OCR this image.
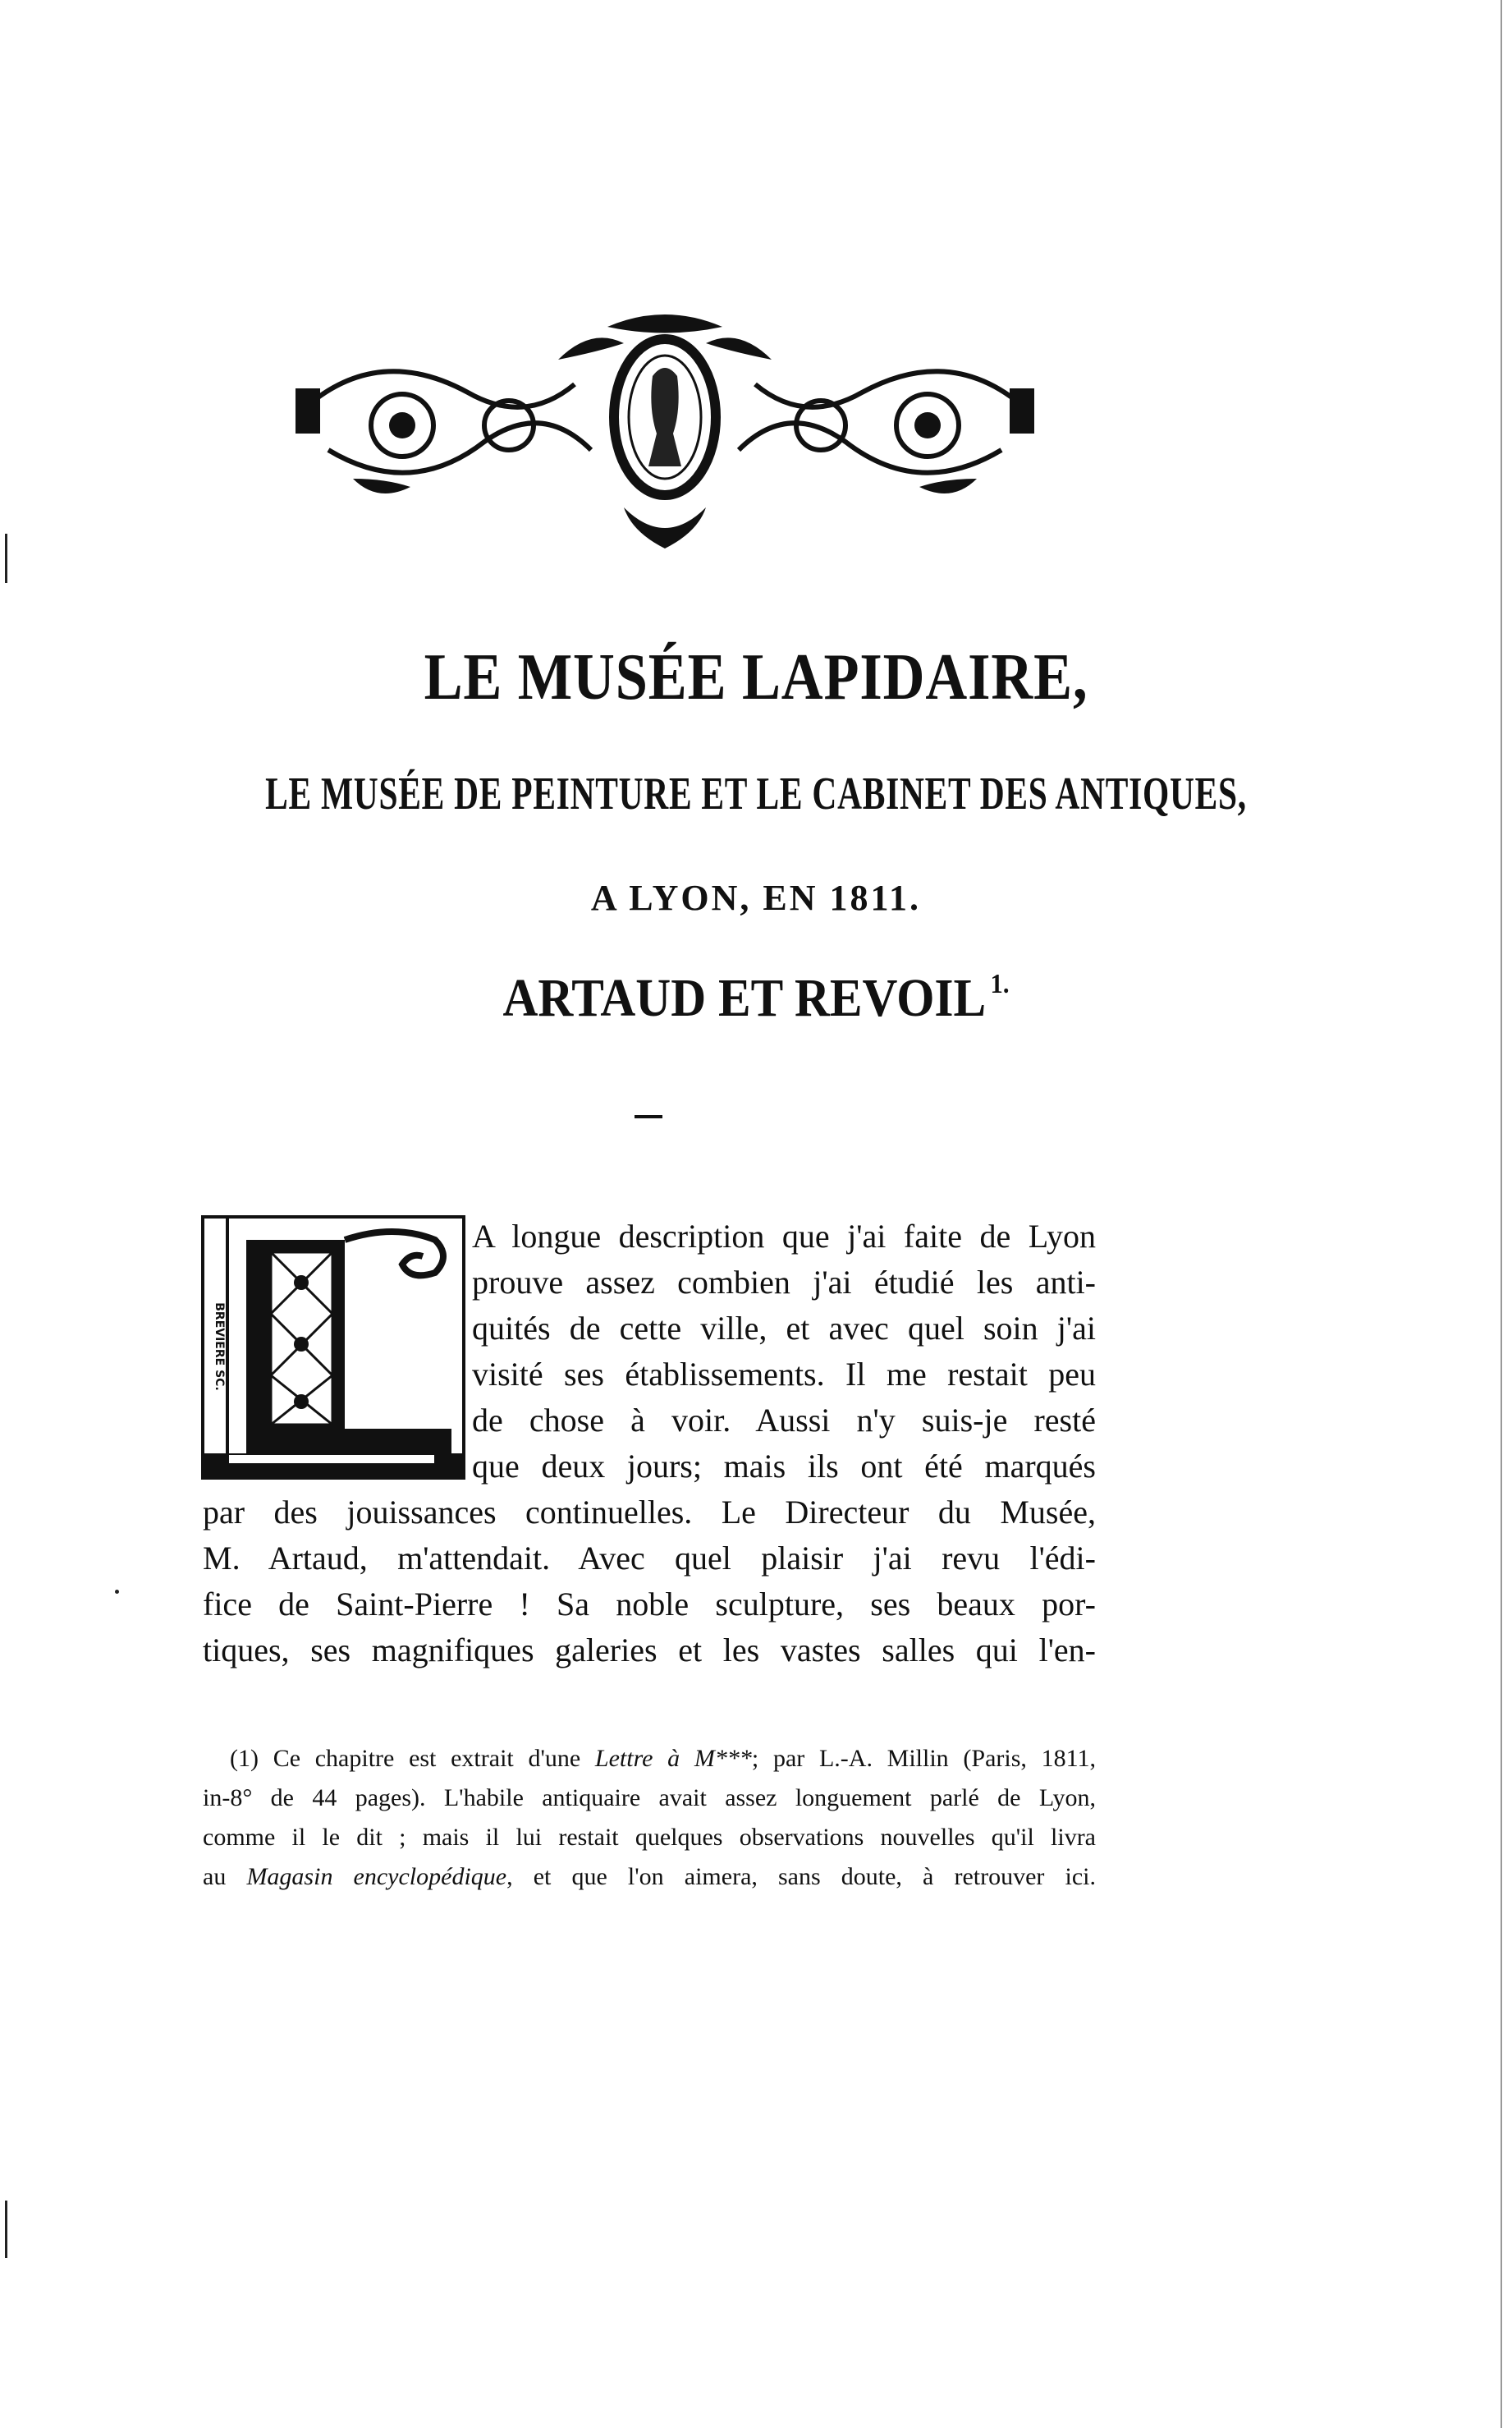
LE MUSÉE LAPIDAIRE,
LE MUSÉE DE PEINTURE ET LE CABINET DES ANTIQUES,
A LYON, EN 1811.
ARTAUD ET REVOIL $^{1.}$
BREVIERE SC.
A longue description que j'ai faite de Lyon
prouve assez combien j'ai étudié les anti-
quités de cette ville, et avec quel soin j'ai
visité ses établissements. Il me restait peu
de chose à voir. Aussi n'y suis-je resté
que deux jours; mais ils ont été marqués
par des jouissances continuelles. Le Directeur du Musée,
M. Artaud, m'attendait. Avec quel plaisir j'ai revu l'édi-
fice de Saint-Pierre ! Sa noble sculpture, ses beaux por-
tiques, ses magnifiques galeries et les vastes salles qui l'en-
(1) Ce chapitre est extrait d'une Lettre à M***; par L.-A. Millin (Paris, 1811,
in-8° de 44 pages). L'habile antiquaire avait assez longuement parlé de Lyon,
comme il le dit ; mais il lui restait quelques observations nouvelles qu'il livra
au Magasin encyclopédique, et que l'on aimera, sans doute, à retrouver ici.
